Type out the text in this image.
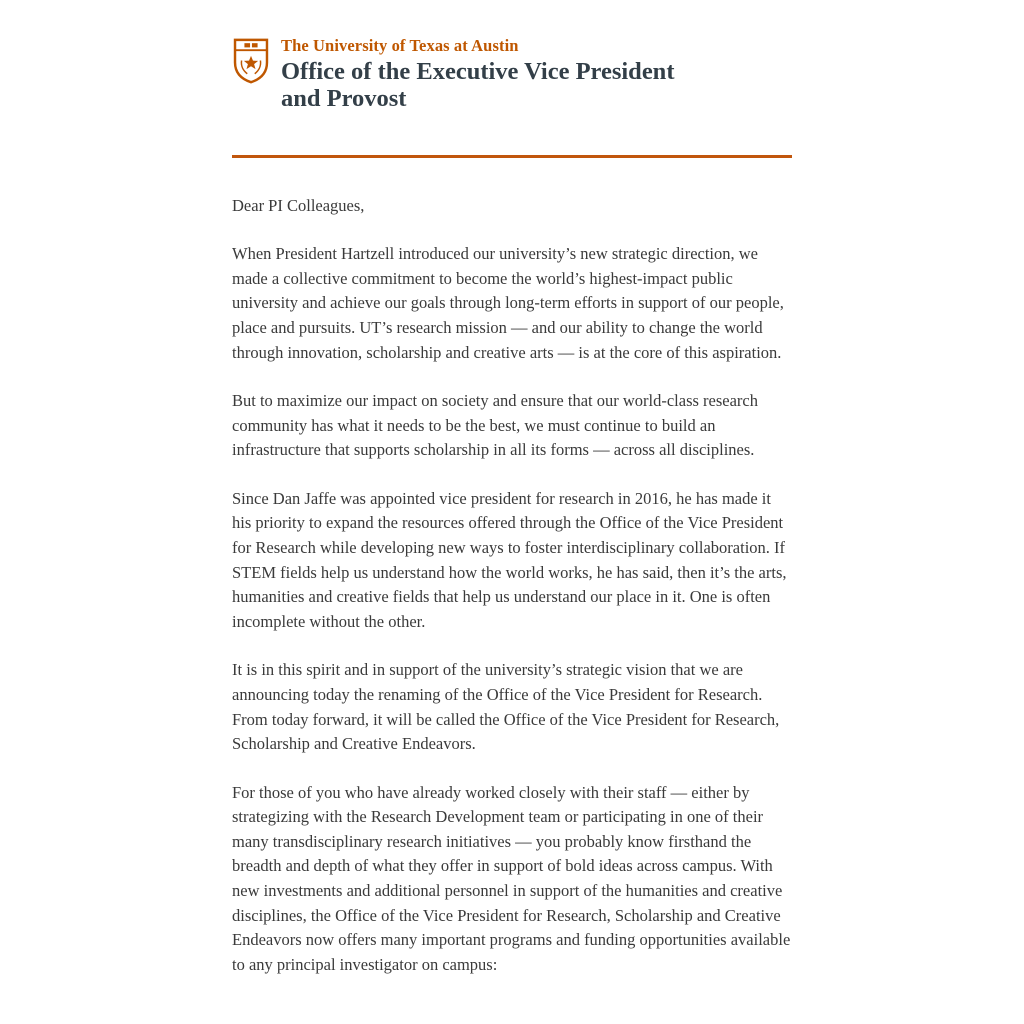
The University of Texas at Austin
Office of the Executive Vice President and Provost

Dear PI Colleagues,

When President Hartzell introduced our university’s new strategic direction, we made a collective commitment to become the world’s highest-impact public university and achieve our goals through long-term efforts in support of our people, place and pursuits. UT’s research mission — and our ability to change the world through innovation, scholarship and creative arts — is at the core of this aspiration.

But to maximize our impact on society and ensure that our world-class research community has what it needs to be the best, we must continue to build an infrastructure that supports scholarship in all its forms — across all disciplines.

Since Dan Jaffe was appointed vice president for research in 2016, he has made it his priority to expand the resources offered through the Office of the Vice President for Research while developing new ways to foster interdisciplinary collaboration. If STEM fields help us understand how the world works, he has said, then it’s the arts, humanities and creative fields that help us understand our place in it. One is often incomplete without the other.

It is in this spirit and in support of the university’s strategic vision that we are announcing today the renaming of the Office of the Vice President for Research. From today forward, it will be called the Office of the Vice President for Research, Scholarship and Creative Endeavors.

For those of you who have already worked closely with their staff — either by strategizing with the Research Development team or participating in one of their many transdisciplinary research initiatives — you probably know firsthand the breadth and depth of what they offer in support of bold ideas across campus. With new investments and additional personnel in support of the humanities and creative disciplines, the Office of the Vice President for Research, Scholarship and Creative Endeavors now offers many important programs and funding opportunities available to any principal investigator on campus:
